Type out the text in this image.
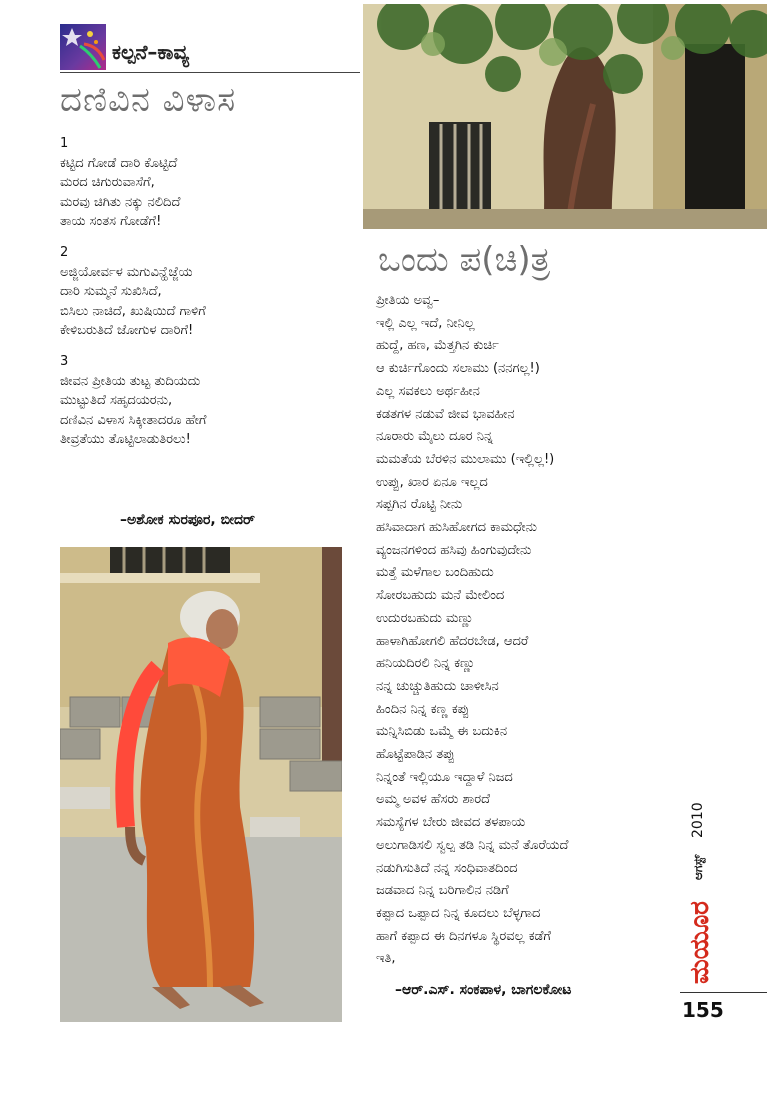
ಕಲ್ಪನೆ–ಕಾವ್ಯ
ದಣಿವಿನ ವಿಳಾಸ
1
ಕಟ್ಟಿದ ಗೋಡೆ ದಾರಿ ಕೊಟ್ಟಿದೆ
ಮರದ ಚಿಗುರುವಾಸೆಗೆ,
ಮರವು ಚಿಗಿತು ನಕ್ಕು ನಲಿದಿದೆ
ತಾಯ ಸಂತಸ ಗೋಡೆಗೆ!
2
ಅಜ್ಜಿಯೋರ್ವಳ ಮಗುವಿನ್ಹೆಜ್ಜೆಯ
ದಾರಿ ಸುಮ್ಮನೆ ಸುಖಿಸಿದೆ,
ಬಿಸಿಲು ನಾಚಿದೆ, ಖುಷಿಯಿದೆ ಗಾಳಿಗೆ
ಕೇಳಿಬರುತಿದೆ ಜೋಗುಳ ದಾರಿಗೆ!
3
ಜೀವನ ಪ್ರೀತಿಯ ತುಟ್ಟ ತುದಿಯದು
ಮುಟ್ಟುತಿದೆ ಸಹೃದಯರನು,
ದಣಿವಿನ ವಿಳಾಸ ಸಿಕ್ಕೀತಾದರೂ ಹೇಗೆ
ತೀವ್ರತೆಯು ತೊಟ್ಟಿಲಾಡುತಿರಲು!
–ಅಶೋಕ ಸುರಪೂರ, ಬೀದರ್
ಒಂದು ಪ(ಚಿ)ತ್ರ
ಪ್ರೀತಿಯ ಅವ್ವ–
ಇಲ್ಲಿ ಎಲ್ಲ ಇದೆ, ನೀನಿಲ್ಲ
ಹುದ್ದೆ, ಹಣ, ಮೆತ್ತಗಿನ ಕುರ್ಚಿ
ಆ ಕುರ್ಚಿಗೊಂದು ಸಲಾಮು (ನನಗಲ್ಲ!)
ಎಲ್ಲ ಸವಕಲು ಅರ್ಥಹೀನ
ಕಡತಗಳ ನಡುವೆ ಜೀವ ಭಾವಹೀನ
ನೂರಾರು ಮೈಲು ದೂರ ನಿನ್ನ
ಮಮತೆಯ ಬೆರಳಿನ ಮುಲಾಮು (ಇಲ್ಲಿಲ್ಲ!)
ಉಪ್ಪು, ಖಾರ ಏನೂ ಇಲ್ಲದ
ಸಪ್ಪಗಿನ ರೊಟ್ಟಿ ನೀನು
ಹಸಿವಾದಾಗ ಹುಸಿಹೋಗದ ಕಾಮಧೇನು
ವ್ಯಂಜನಗಳಿಂದ ಹಸಿವು ಹಿಂಗುವುದೇನು
ಮತ್ತೆ ಮಳೆಗಾಲ ಬಂದಿಹುದು
ಸೋರಬಹುದು ಮನೆ ಮೇಲಿಂದ
ಉದುರಬಹುದು ಮಣ್ಣು
ಹಾಳಾಗಿಹೋಗಲಿ ಹೆದರಬೇಡ, ಆದರೆ
ಹನಿಯದಿರಲಿ ನಿನ್ನ ಕಣ್ಣು
ನನ್ನ ಚುಚ್ಚುತಿಹುದು ಚಾಳೀಸಿನ
ಹಿಂದಿನ ನಿನ್ನ ಕಣ್ಣ ಕಪ್ಪು
ಮನ್ನಿಸಿಬಿಡು ಒಮ್ಮೆ ಈ ಬದುಕಿನ
ಹೊಟ್ಟೆಪಾಡಿನ ತಪ್ಪು
ನಿನ್ನಂತೆ ಇಲ್ಲಿಯೂ ಇದ್ದಾಳೆ ನಿಜದ
ಅಮ್ಮ ಅವಳ ಹೆಸರು ಶಾರದೆ
ಸಮಸ್ಯೆಗಳ ಬೇರು ಜೀವದ ತಳಪಾಯ
ಅಲುಗಾಡಿಸಲಿ ಸ್ವಲ್ಪ ತಡಿ ನಿನ್ನ ಮನೆ ತೊರೆಯದೆ
ನಡುಗಿಸುತಿದೆ ನನ್ನ ಸಂಧಿವಾತದಿಂದ
ಜಡವಾದ ನಿನ್ನ ಬರಿಗಾಲಿನ ನಡಿಗೆ
ಕಪ್ಪಾದ ಒಪ್ಪಾದ ನಿನ್ನ ಕೂದಲು ಬೆಳ್ಳಗಾದ
ಹಾಗೆ ಕಪ್ಪಾದ ಈ ದಿನಗಳೂ ಸ್ಥಿರವಲ್ಲ ಕಡೆಗೆ
ಇತಿ,
–ಆರ್.ಎಸ್. ಸಂಕಪಾಳ, ಬಾಗಲಕೋಟ
2010
ಆಗಸ್ಟ್
ಮಯೂರ
155
